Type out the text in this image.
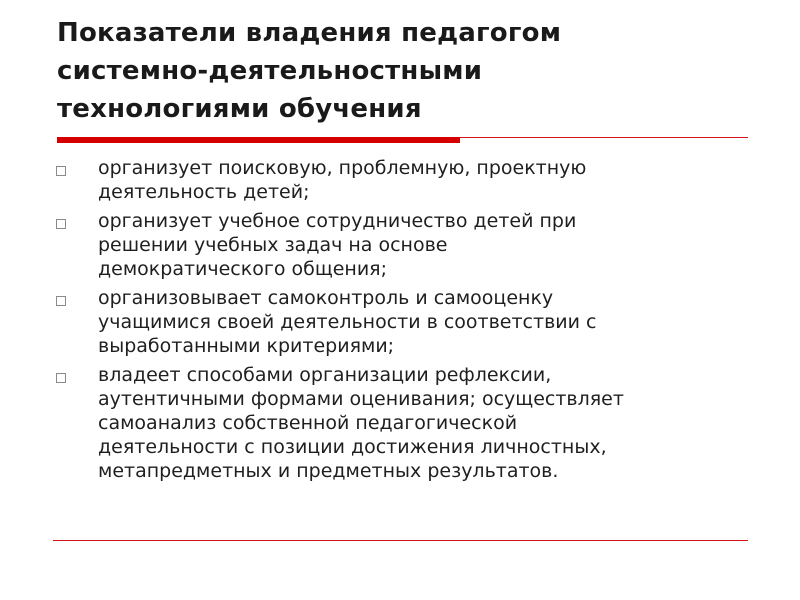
Показатели владения педагогом
системно-деятельностными
технологиями обучения
организует поисковую, проблемную, проектную
деятельность детей;
организует учебное сотрудничество детей при
решении учебных задач на основе
демократического общения;
организовывает самоконтроль и самооценку
учащимися своей деятельности в соответствии с
выработанными критериями;
владеет способами организации рефлексии,
аутентичными формами оценивания; осуществляет
самоанализ собственной педагогической
деятельности с позиции достижения личностных,
метапредметных и предметных результатов.
